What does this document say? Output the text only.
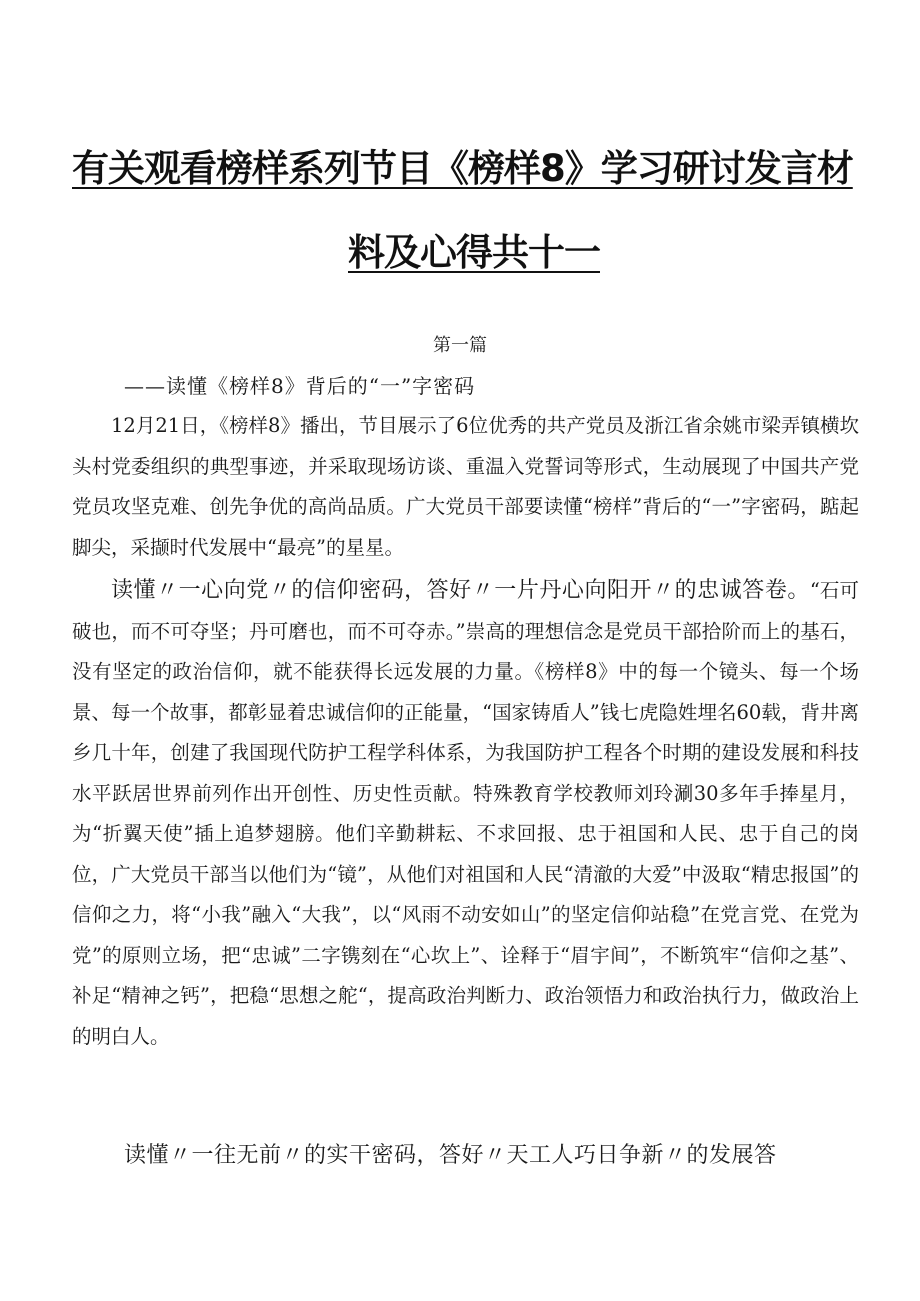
有关观看榜样系列节目《榜样8》学习研讨发言材
料及心得共十一
第一篇
——读懂《榜样8》背后的“一”字密码

12月21日，《榜样8》播出，节目展示了6位优秀的共产党员及浙江省余姚市梁弄镇横坎头村党委组织的典型事迹，并采取现场访谈、重温入党誓词等形式，生动展现了中国共产党党员攻坚克难、创先争优的高尚品质。广大党员干部要读懂“榜样”背后的“一”字密码，踮起脚尖，采撷时代发展中“最亮”的星星。

读懂〃一心向党〃的信仰密码，答好〃一片丹心向阳开〃的忠诚答卷。“石可破也，而不可夺坚；丹可磨也，而不可夺赤。”崇高的理想信念是党员干部拾阶而上的基石，没有坚定的政治信仰，就不能获得长远发展的力量。《榜样8》中的每一个镜头、每一个场景、每一个故事，都彰显着忠诚信仰的正能量，“国家铸盾人”钱七虎隐姓埋名60载，背井离乡几十年，创建了我国现代防护工程学科体系，为我国防护工程各个时期的建设发展和科技水平跃居世界前列作出开创性、历史性贡献。特殊教育学校教师刘玲涮30多年手捧星月，为“折翼天使”插上追梦翅膀。他们辛勤耕耘、不求回报、忠于祖国和人民、忠于自己的岗位，广大党员干部当以他们为“镜”，从他们对祖国和人民“清澈的大爱”中汲取“精忠报国”的信仰之力，将“小我”融入“大我”，以“风雨不动安如山”的坚定信仰站稳”在党言党、在党为党”的原则立场，把“忠诚”二字镌刻在“心坎上”、诠释于“眉宇间”，不断筑牢“信仰之基”、补足“精神之钙”，把稳“思想之舵“，提高政治判断力、政治领悟力和政治执行力，做政治上的明白人。

读懂〃一往无前〃的实干密码，答好〃天工人巧日争新〃的发展答
